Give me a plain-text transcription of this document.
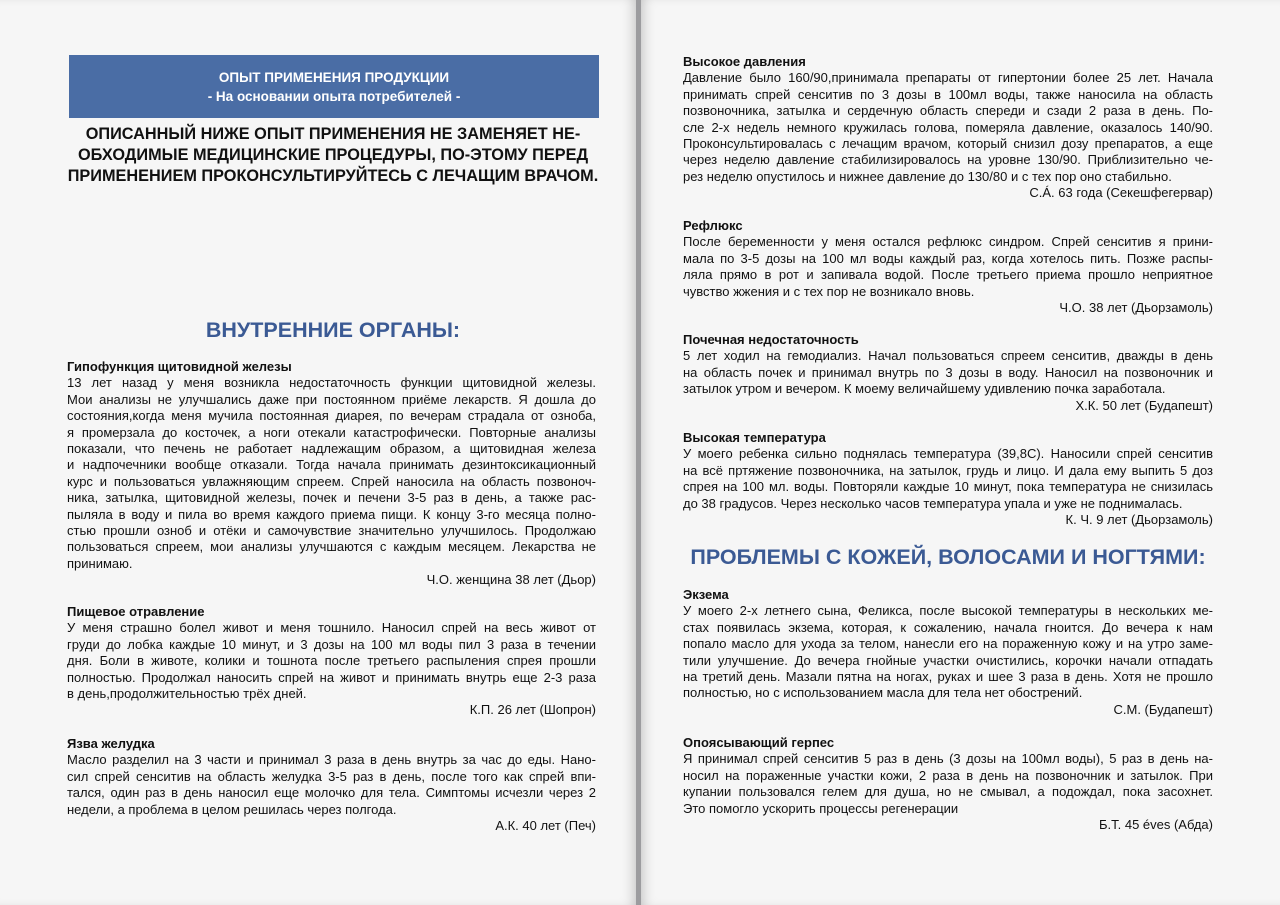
ОПЫТ ПРИМЕНЕНИЯ ПРОДУКЦИИ
- На основании опыта потребителей -
ОПИСАННЫЙ НИЖЕ ОПЫТ ПРИМЕНЕНИЯ НЕ ЗАМЕНЯЕТ НЕ-
ОБХОДИМЫЕ МЕДИЦИНСКИЕ ПРОЦЕДУРЫ, ПО-ЭТОМУ ПЕРЕД
ПРИМЕНЕНИЕМ ПРОКОНСУЛЬТИРУЙТЕСЬ С ЛЕЧАЩИМ ВРАЧОМ.
ВНУТРЕННИЕ ОРГАНЫ:
Гипофункция щитовидной железы
13 лет назад у меня возникла недостаточность функции щитовидной железы.
Мои анализы не улучшались даже при постоянном приёме лекарств. Я дошла до
состояния,когда меня мучила постоянная диарея, по вечерам страдала от озноба,
я промерзала до косточек, а ноги отекали катастрофически. Повторные анализы
показали, что печень не работает надлежащим образом, а щитовидная железа
и надпочечники вообще отказали. Тогда начала принимать дезинтоксикационный
курс и пользоваться увлажняющим спреем. Спрей наносила на область позвоноч-
ника, затылка, щитовидной железы, почек и печени 3-5 раз в день, а также рас-
пыляла в воду и пила во время каждого приема пищи. К концу 3-го месяца полно-
стью прошли озноб и отёки и самочувствие значительно улучшилось. Продолжаю
пользоваться спреем, мои анализы улучшаются с каждым месяцем. Лекарства не
принимаю.
Ч.О. женщина 38 лет (Дьор)
Пищевое отравление
У меня страшно болел живот и меня тошнило. Наносил спрей на весь живот от
груди до лобка каждые 10 минут, и 3 дозы на 100 мл воды пил 3 раза в течении
дня. Боли в животе, колики и тошнота после третьего распыления спрея прошли
полностью. Продолжал наносить спрей на живот и принимать внутрь еще 2-3 раза
в день,продолжительностью трёх дней.
К.П. 26 лет (Шопрон)
Язва желудка
Масло разделил на 3 части и принимал 3 раза в день внутрь за час до еды. Нано-
сил спрей сенситив на область желудка 3-5 раз в день, после того как спрей впи-
тался, один раз в день наносил еще молочко для тела. Симптомы исчезли через 2
недели, а проблема в целом решилась через полгода.
А.К. 40 лет (Печ)
Высокое давления
Давление было 160/90,принимала препараты от гипертонии более 25 лет. Начала
принимать спрей сенситив по 3 дозы в 100мл воды, также наносила на область
позвоночника, затылка и сердечную область спереди и сзади 2 раза в день. По-
сле 2-х недель немного кружилась голова, померяла давление, оказалось 140/90.
Проконсультировалась с лечащим врачом, который снизил дозу препаратов, а еще
через неделю давление стабилизировалось на уровне 130/90. Приблизительно че-
рез неделю опустилось и нижнее давление до 130/80 и с тех пор оно стабильно.
С.Á. 63 года (Секешфегервар)
Рефлюкс
После беременности у меня остался рефлюкс синдром. Спрей сенситив я прини-
мала по 3-5 дозы на 100 мл воды каждый раз, когда хотелось пить. Позже распы-
ляла прямо в рот и запивала водой. После третьего приема прошло неприятное
чувство жжения и с тех пор не возникало вновь.
Ч.О. 38 лет (Дьорзамоль)
Почечная недостаточность
5 лет ходил на гемодиализ. Начал пользоваться спреем сенситив, дважды в день
на область почек и принимал внутрь по 3 дозы в воду. Наносил на позвоночник и
затылок утром и вечером. К моему величайшему удивлению почка заработала.
Х.К. 50 лет (Будапешт)
Высокая температура
У моего ребенка сильно поднялась температура (39,8С). Наносили спрей сенситив
на всё пртяжение позвоночника, на затылок, грудь и лицо. И дала ему выпить 5 доз
спрея на 100 мл. воды. Повторяли каждые 10 минут, пока температура не снизилась
до 38 градусов. Через несколько часов температура упала и уже не поднималась.
К. Ч. 9 лет (Дьорзамоль)
ПРОБЛЕМЫ С КОЖЕЙ, ВОЛОСАМИ И НОГТЯМИ:
Экзема
У моего 2-х летнего сына, Феликса, после высокой температуры в нескольких ме-
стах появилась экзема, которая, к сожалению, начала гноится. До вечера к нам
попало масло для ухода за телом, нанесли его на пораженную кожу и на утро заме-
тили улучшение. До вечера гнойные участки очистились, корочки начали отпадать
на третий день. Мазали пятна на ногах, руках и шее 3 раза в день. Хотя не прошло
полностью, но с использованием масла для тела нет обострений.
С.М. (Будапешт)
Опоясывающий герпес
Я принимал спрей сенситив 5 раз в день (3 дозы на 100мл воды), 5 раз в день на-
носил на пораженные участки кожи, 2 раза в день на позвоночник и затылок. При
купании пользовался гелем для душа, но не смывал, а подождал, пока засохнет.
Это помогло ускорить процессы регенерации
Б.Т. 45 éves (Абда)
